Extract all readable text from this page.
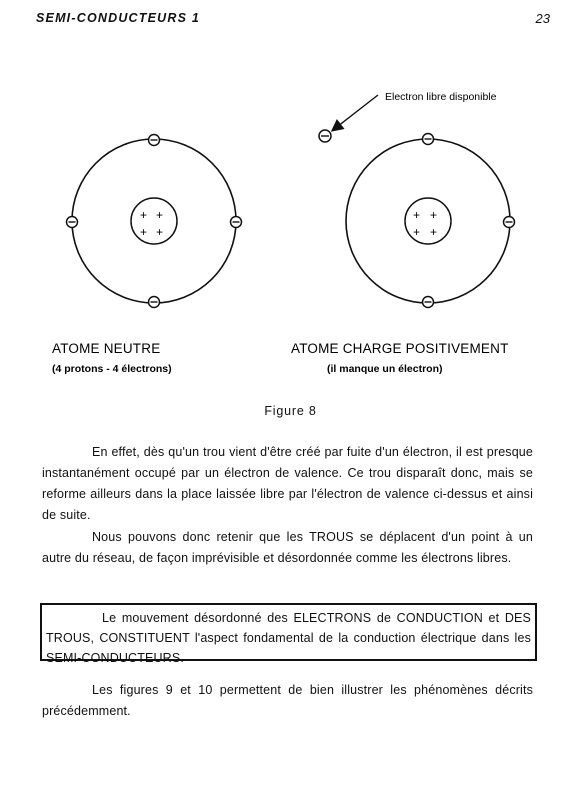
SEMI-CONDUCTEURS 1	23
+ +
+ +
+ +
+ +
Electron libre disponible
ATOME NEUTRE
(4 protons - 4 électrons)
ATOME CHARGE POSITIVEMENT
(il manque un électron)
Figure 8

En effet, dès qu'un trou vient d'être créé par fuite d'un électron, il est presque instantanément occupé par un électron de valence. Ce trou disparaît donc, mais se reforme ailleurs dans la place laissée libre par l'électron de valence ci-dessus et ainsi de suite.

Nous pouvons donc retenir que les TROUS se déplacent d'un point à un autre du réseau, de façon imprévisible et désordonnée comme les électrons libres.

Le mouvement désordonné des ELECTRONS de CONDUCTION et DES TROUS, CONSTITUENT l'aspect fondamental de la conduction électrique dans les SEMI-CONDUCTEURS.

Les figures 9 et 10 permettent de bien illustrer les phénomènes décrits précédemment.
